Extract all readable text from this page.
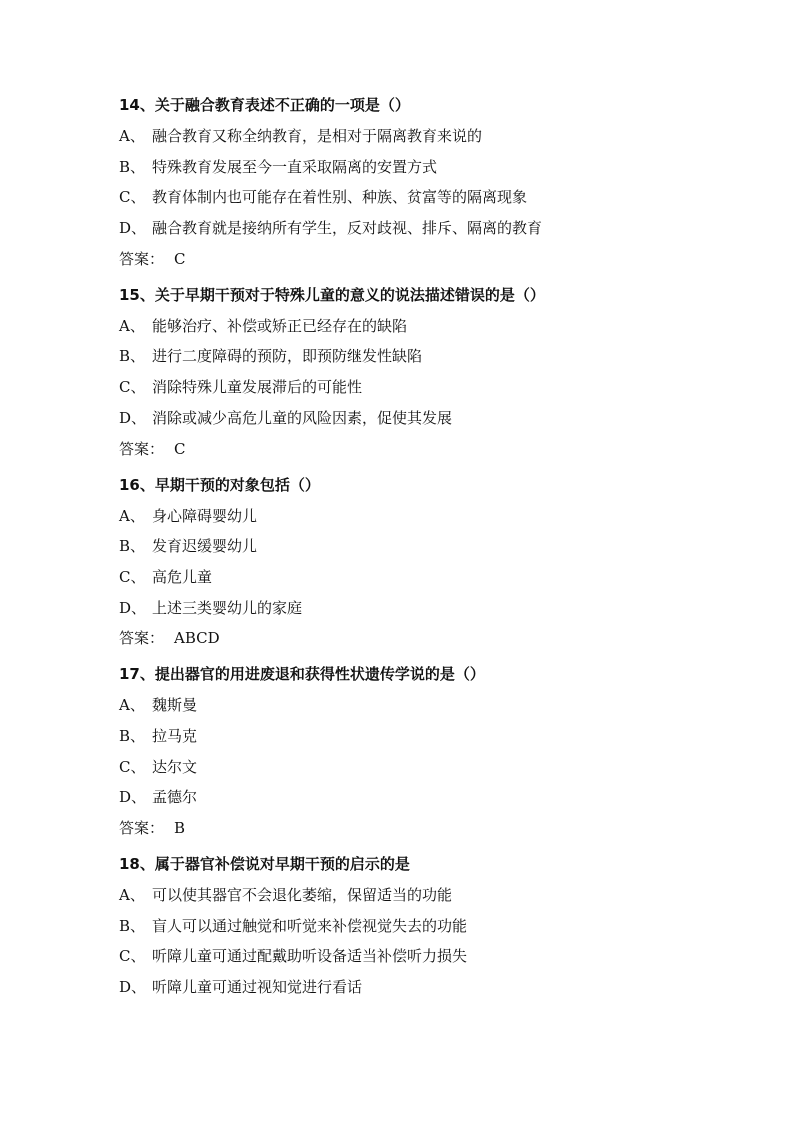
14、关于融合教育表述不正确的一项是（）
A、 融合教育又称全纳教育，是相对于隔离教育来说的
B、 特殊教育发展至今一直采取隔离的安置方式
C、 教育体制内也可能存在着性别、种族、贫富等的隔离现象
D、 融合教育就是接纳所有学生，反对歧视、排斥、隔离的教育
答案： C
15、关于早期干预对于特殊儿童的意义的说法描述错误的是（）
A、 能够治疗、补偿或矫正已经存在的缺陷
B、 进行二度障碍的预防，即预防继发性缺陷
C、 消除特殊儿童发展滞后的可能性
D、 消除或减少高危儿童的风险因素，促使其发展
答案： C
16、早期干预的对象包括（）
A、 身心障碍婴幼儿
B、 发育迟缓婴幼儿
C、 高危儿童
D、 上述三类婴幼儿的家庭
答案： ABCD
17、提出器官的用进废退和获得性状遗传学说的是（）
A、 魏斯曼
B、 拉马克
C、 达尔文
D、 孟德尔
答案： B
18、属于器官补偿说对早期干预的启示的是
A、 可以使其器官不会退化萎缩，保留适当的功能
B、 盲人可以通过触觉和听觉来补偿视觉失去的功能
C、 听障儿童可通过配戴助听设备适当补偿听力损失
D、 听障儿童可通过视知觉进行看话
